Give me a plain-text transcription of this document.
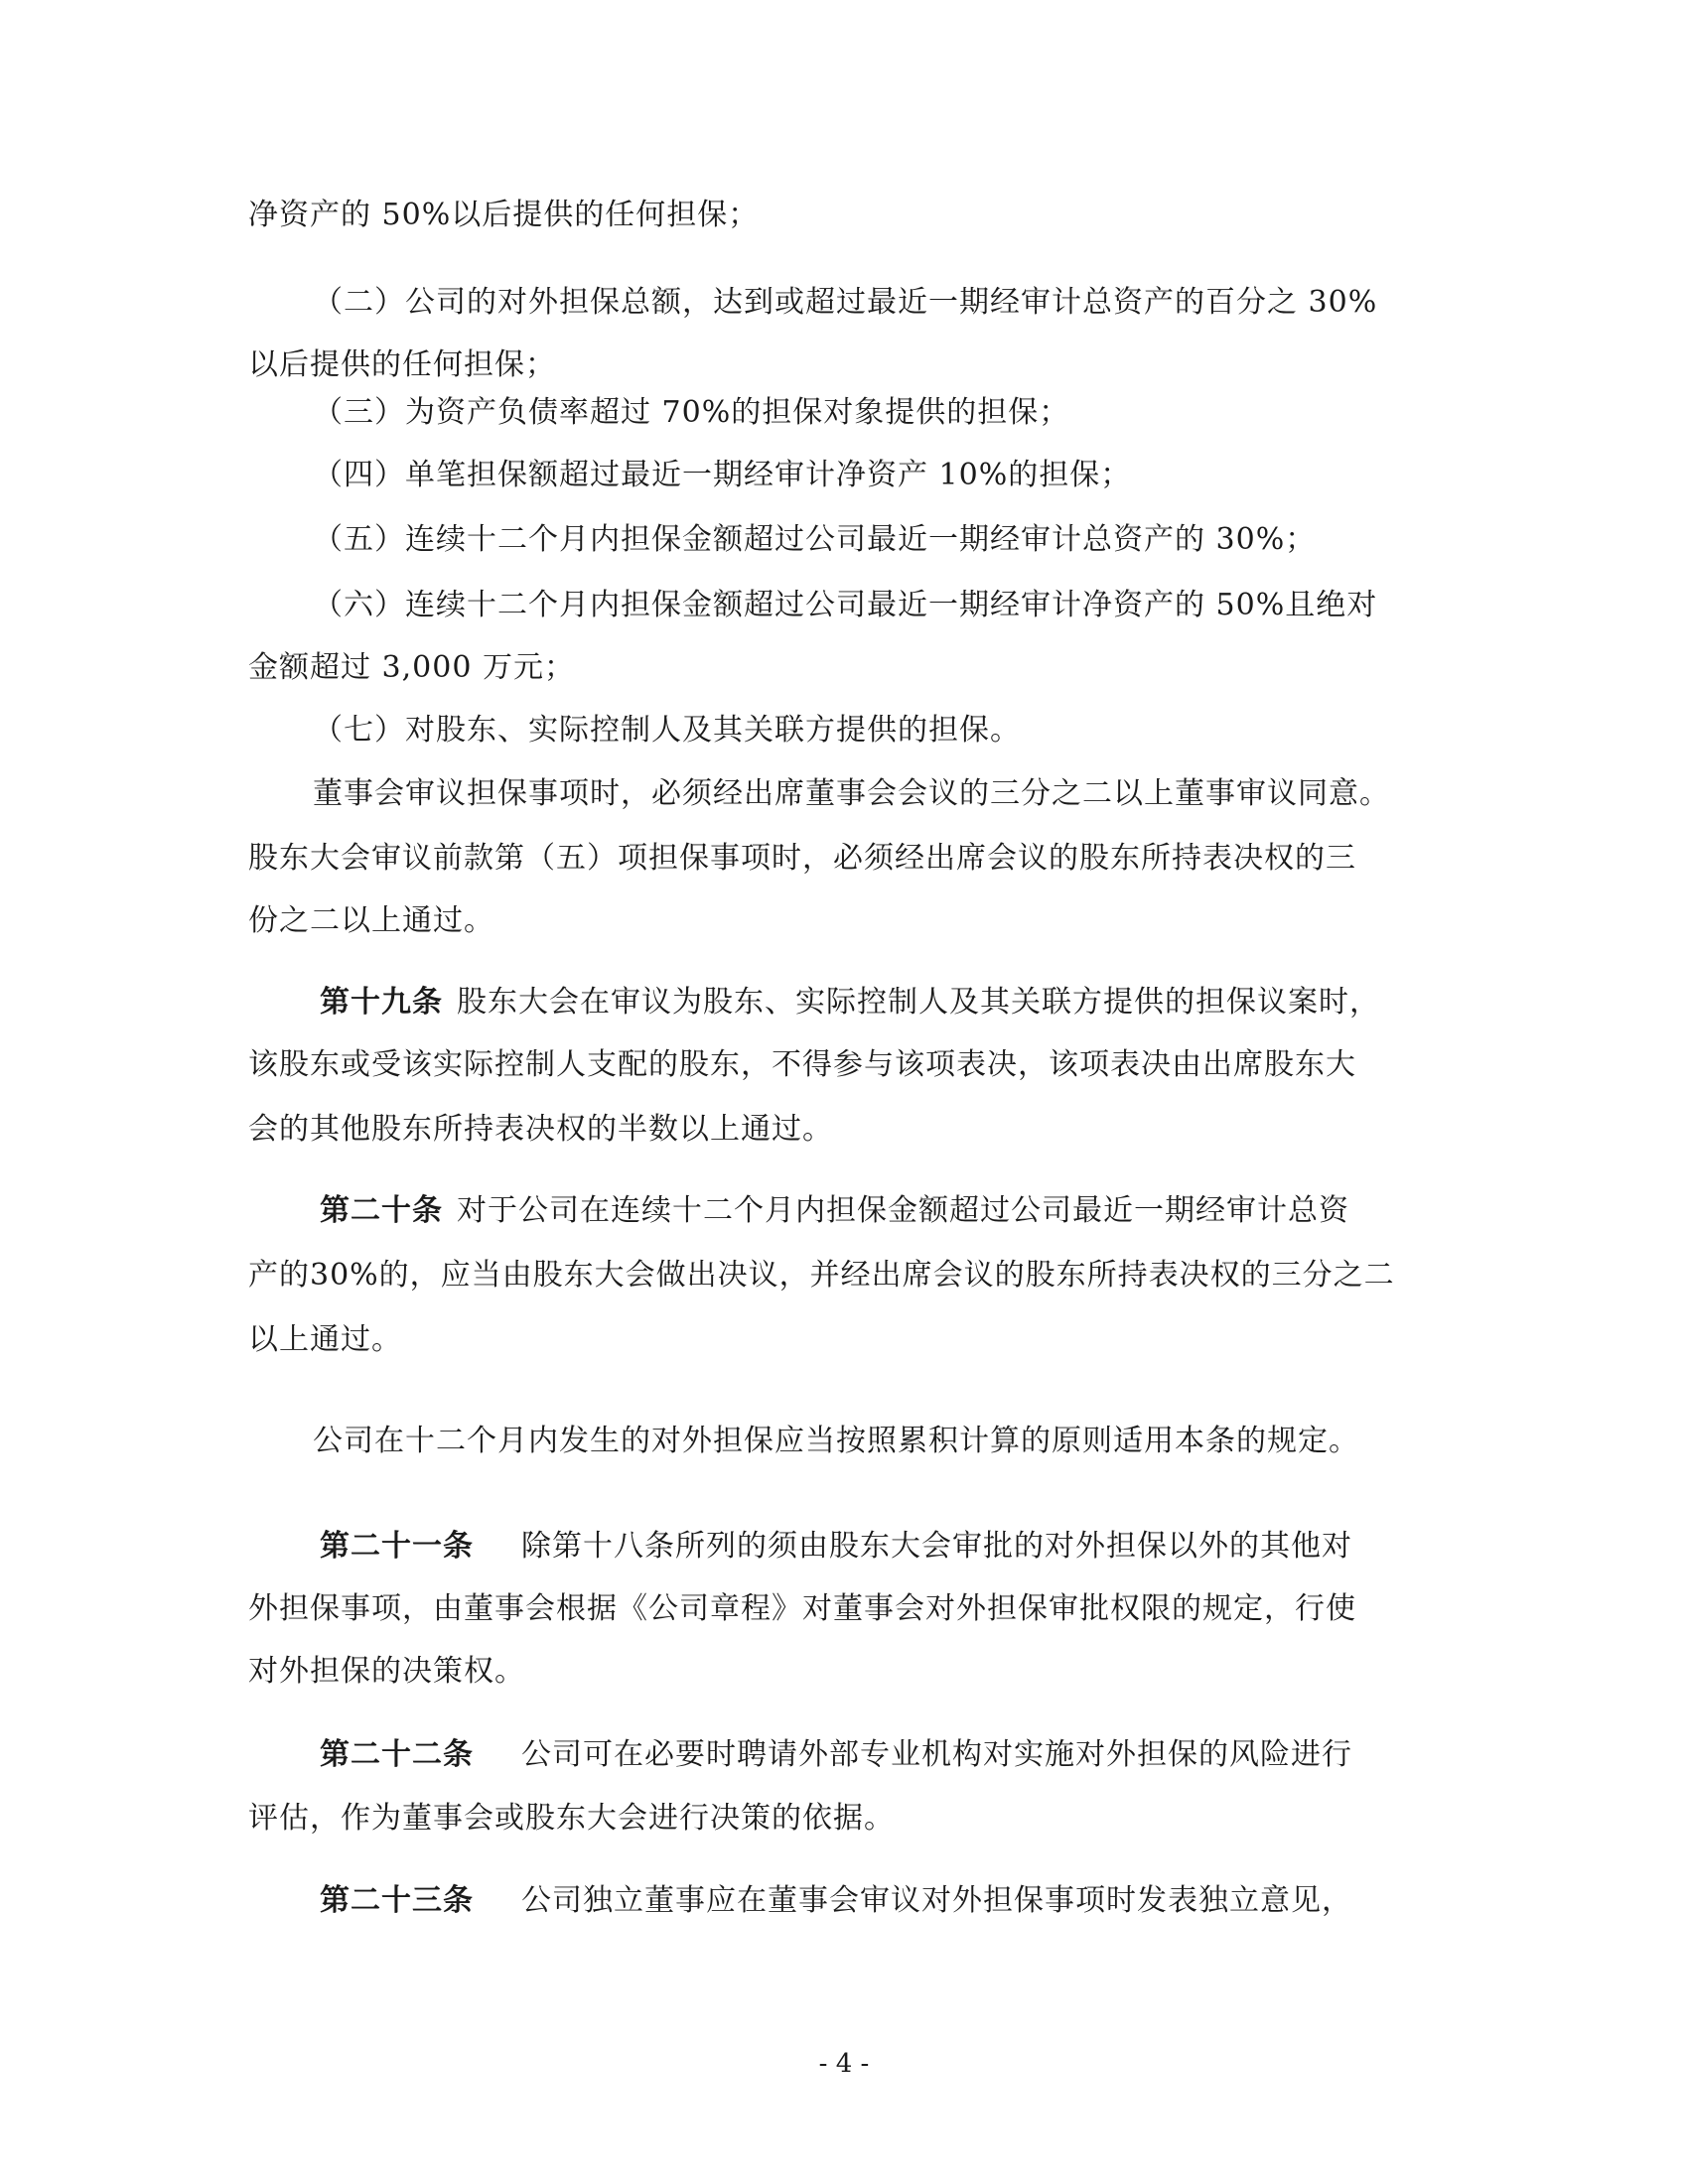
净资产的 50%以后提供的任何担保；
（二）公司的对外担保总额，达到或超过最近一期经审计总资产的百分之 30%
以后提供的任何担保；
（三）为资产负债率超过 70%的担保对象提供的担保；
（四）单笔担保额超过最近一期经审计净资产 10%的担保；
（五）连续十二个月内担保金额超过公司最近一期经审计总资产的 30%；
（六）连续十二个月内担保金额超过公司最近一期经审计净资产的 50%且绝对
金额超过 3,000 万元；
（七）对股东、实际控制人及其关联方提供的担保。
董事会审议担保事项时，必须经出席董事会会议的三分之二以上董事审议同意。
股东大会审议前款第（五）项担保事项时，必须经出席会议的股东所持表决权的三
份之二以上通过。
第十九条 股东大会在审议为股东、实际控制人及其关联方提供的担保议案时，
该股东或受该实际控制人支配的股东，不得参与该项表决，该项表决由出席股东大
会的其他股东所持表决权的半数以上通过。
第二十条 对于公司在连续十二个月内担保金额超过公司最近一期经审计总资
产的30%的，应当由股东大会做出决议，并经出席会议的股东所持表决权的三分之二
以上通过。
公司在十二个月内发生的对外担保应当按照累积计算的原则适用本条的规定。
第二十一条 除第十八条所列的须由股东大会审批的对外担保以外的其他对
外担保事项，由董事会根据《公司章程》对董事会对外担保审批权限的规定，行使
对外担保的决策权。
第二十二条 公司可在必要时聘请外部专业机构对实施对外担保的风险进行
评估，作为董事会或股东大会进行决策的依据。
第二十三条 公司独立董事应在董事会审议对外担保事项时发表独立意见，
- 4 -
